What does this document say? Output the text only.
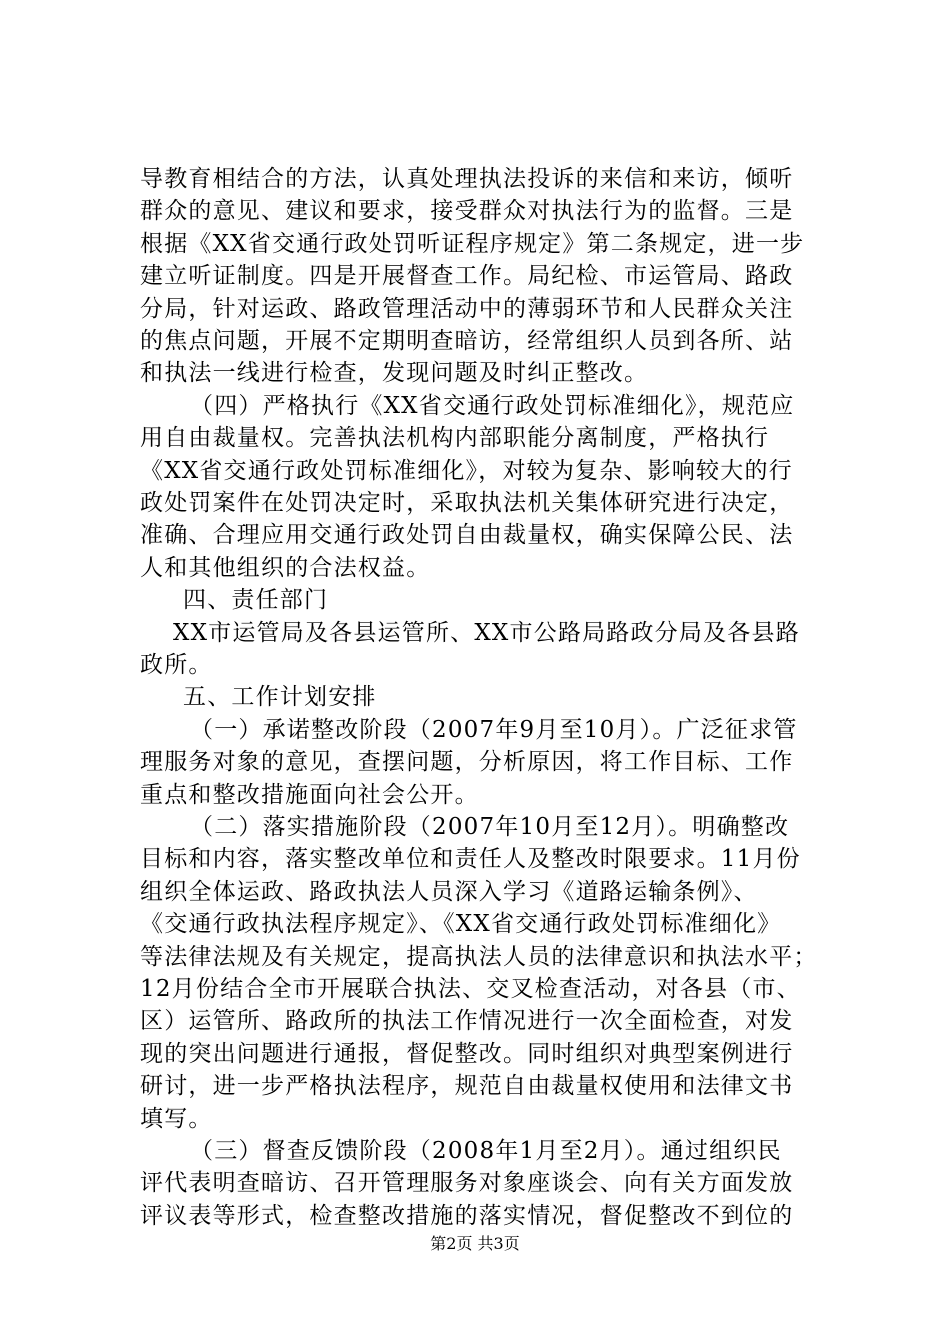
导教育相结合的方法，认真处理执法投诉的来信和来访，倾听
群众的意见、建议和要求，接受群众对执法行为的监督。三是
根据《XX省交通行政处罚听证程序规定》第二条规定，进一步
建立听证制度。四是开展督查工作。局纪检、市运管局、路政
分局，针对运政、路政管理活动中的薄弱环节和人民群众关注
的焦点问题，开展不定期明查暗访，经常组织人员到各所、站
和执法一线进行检查，发现问题及时纠正整改。
（四）严格执行《XX省交通行政处罚标准细化》，规范应
用自由裁量权。完善执法机构内部职能分离制度，严格执行
《XX省交通行政处罚标准细化》，对较为复杂、影响较大的行
政处罚案件在处罚决定时，采取执法机关集体研究进行决定，
准确、合理应用交通行政处罚自由裁量权，确实保障公民、法
人和其他组织的合法权益。
四、责任部门
XX市运管局及各县运管所、XX市公路局路政分局及各县路
政所。
五、工作计划安排
（一）承诺整改阶段（2007年9月至10月）。广泛征求管
理服务对象的意见，查摆问题，分析原因，将工作目标、工作
重点和整改措施面向社会公开。
（二）落实措施阶段（2007年10月至12月）。明确整改
目标和内容，落实整改单位和责任人及整改时限要求。11月份
组织全体运政、路政执法人员深入学习《道路运输条例》、
《交通行政执法程序规定》、《XX省交通行政处罚标准细化》
等法律法规及有关规定，提高执法人员的法律意识和执法水平；
12月份结合全市开展联合执法、交叉检查活动，对各县（市、
区）运管所、路政所的执法工作情况进行一次全面检查，对发
现的突出问题进行通报，督促整改。同时组织对典型案例进行
研讨，进一步严格执法程序，规范自由裁量权使用和法律文书
填写。
（三）督查反馈阶段（2008年1月至2月）。通过组织民
评代表明查暗访、召开管理服务对象座谈会、向有关方面发放
评议表等形式，检查整改措施的落实情况，督促整改不到位的
第2页 共3页
